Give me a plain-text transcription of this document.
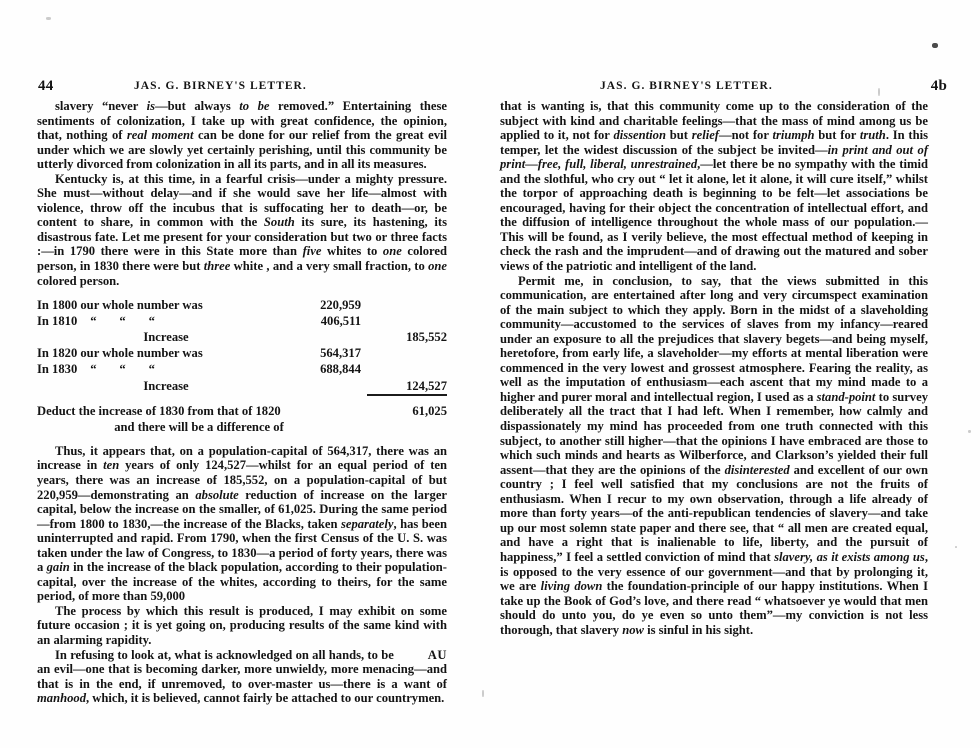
44	JAS. G. BIRNEY'S LETTER.

slavery “never is—but always to be removed.” Entertaining these sentiments of colonization, I take up with great confidence, the opinion, that, nothing of real moment can be done for our relief from the great evil under which we are slowly yet certainly perishing, until this community be utterly divorced from colonization in all its parts, and in all its measures.

Kentucky is, at this time, in a fearful crisis—under a mighty pressure. She must—without delay—and if she would save her life—almost with violence, throw off the incubus that is suffocating her to death—or, be content to share, in common with the South its sure, its hastening, its disastrous fate. Let me present for your consideration but two or three facts :—in 1790 there were in this State more than five whites to one colored person, in 1830 there were but three white , and a very small fraction, to one colored person.

In 1800 our whole number was	220,959	
In 1810 “ “ “	406,511	
Increase		185,552
In 1820 our whole number was	564,317	
In 1830 “ “ “	688,844	
Increase		124,527

Deduct the increase of 1830 from that of 1820		61,025
and there will be a difference of		

Thus, it appears that, on a population-capital of 564,317, there was an increase in ten years of only 124,527—whilst for an equal period of ten years, there was an increase of 185,552, on a population-capital of but 220,959—demonstrating an absolute reduction of increase on the larger capital, below the increase on the smaller, of 61,025. During the same period—from 1800 to 1830,—the increase of the Blacks, taken separately, has been uninterrupted and rapid. From 1790, when the first Census of the U. S. was taken under the law of Congress, to 1830—a period of forty years, there was a gain in the increase of the black population, according to their population-capital, over the increase of the whites, according to theirs, for the same period, of more than 59,000

The process by which this result is produced, I may exhibit on some future occasion ; it is yet going on, producing results of the same kind with an alarming rapidity.

AU
In refusing to look at, what is acknowledged on all hands, to be an evil—one that is becoming darker, more unwieldy, more menacing—and that is in the end, if unremoved, to over-master us—there is a want of manhood, which, it is believed, cannot fairly be attached to our countrymen.

JAS. G. BIRNEY'S LETTER.	4b

that is wanting is, that this community come up to the consideration of the subject with kind and charitable feelings—that the mass of mind among us be applied to it, not for dissention but relief—not for triumph but for truth. In this temper, let the widest discussion of the subject be invited—in print and out of print—free, full, liberal, unrestrained,—let there be no sympathy with the timid and the slothful, who cry out “ let it alone, let it alone, it will cure itself,” whilst the torpor of approaching death is beginning to be felt—let associations be encouraged, having for their object the concentration of intellectual effort, and the diffusion of intelligence throughout the whole mass of our population.—This will be found, as I verily believe, the most effectual method of keeping in check the rash and the imprudent—and of drawing out the matured and sober views of the patriotic and intelligent of the land.

Permit me, in conclusion, to say, that the views submitted in this communication, are entertained after long and very circumspect examination of the main subject to which they apply. Born in the midst of a slaveholding community—accustomed to the services of slaves from my infancy—reared under an exposure to all the prejudices that slavery begets—and being myself, heretofore, from early life, a slaveholder—my efforts at mental liberation were commenced in the very lowest and grossest atmosphere. Fearing the reality, as well as the imputation of enthusiasm—each ascent that my mind made to a higher and purer moral and intellectual region, I used as a stand-point to survey deliberately all the tract that I had left. When I remember, how calmly and dispassionately my mind has proceeded from one truth connected with this subject, to another still higher—that the opinions I have embraced are those to which such minds and hearts as Wilberforce, and Clarkson’s yielded their full assent—that they are the opinions of the disinterested and excellent of our own country ; I feel well satisfied that my conclusions are not the fruits of enthusiasm. When I recur to my own observation, through a life already of more than forty years—of the anti-republican tendencies of slavery—and take up our most solemn state paper and there see, that “ all men are created equal, and have a right that is inalienable to life, liberty, and the pursuit of happiness,” I feel a settled conviction of mind that slavery, as it exists among us, is opposed to the very essence of our government—and that by prolonging it, we are living down the foundation-principle of our happy institutions. When I take up the Book of God’s love, and there read “ whatsoever ye would that men should do unto you, do ye even so unto them”—my conviction is not less thorough, that slavery now is sinful in his sight.
